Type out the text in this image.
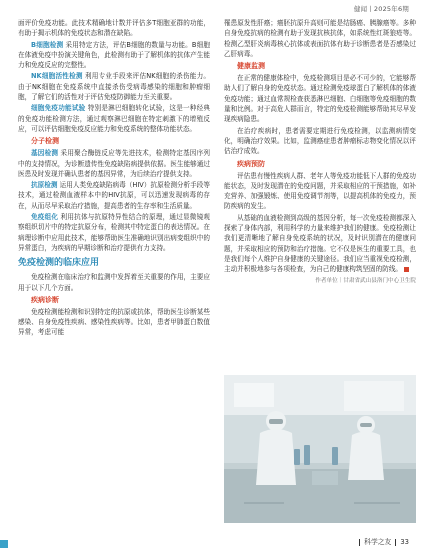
健闻丨2025年6期

面评价免疫功能。此技术精确地计数并评估多T细胞亚群的功能，有助于揭示机体的免疫状态和潜在缺陷。

B细胞检测 采用特定方法，评估B细胞的数量与功能。B细胞在体液免疫中扮演关键角色，此检测有助于了解机体的抗体产生能力和免疫反应的完整性。

NK细胞活性检测 利用专业手段来评估NK细胞的杀伤能力。由于NK细胞在免疫系统中直接杀伤受病毒感染的细胞和肿瘤细胞，了解它们的活性对于评估免疫防御能力至关重要。

细胞免疫功能试验 特别是淋巴细胞转化试验，这是一种经典的免疫功能检测方法，通过观察淋巴细胞在特定刺激下的增殖反应，可以评估细胞免疫反应能力和免疫系统的整体功能状态。

分子检测

基因检测 采用聚合酶链反应等先进技术，检测特定基因序列中的支持情况，为诊断遗传性免疫缺陷病提供依据。医生能够通过医患及时发现并确认患者的基因异常，为后续治疗提供支持。

抗原检测 运用人类免疫缺陷病毒（HIV）抗原检测分析手段等技术，通过检测血液样本中的HIV抗原，可以迅速发现病毒的存在，从而尽早采取治疗措施，提高患者的生存率和生活质量。

免疫组化 利用抗体与抗原特异性结合的原理，通过显微镜观察组织切片中的特定抗原分布，检测其中特定蛋白的表达情况。在病理诊断中应用此技术，能够帮助医生准确地识别出病变组织中的异常蛋白，为疾病的早期诊断和治疗提供有力支持。

免疫检测的临床应用

免疫检测在临床治疗和监测中发挥着至关重要的作用，主要应用于以下几个方面。

疾病诊断

免疫检测能检测和识别特定的抗原或抗体，帮助医生诊断某些感染、自身免疫性疾病、感染性疾病等。比如，患者甲肺蛋白数值异常，考虑可能

罹患原发性肝癌；癌胚抗原升高则可能是结肠癌、胰腺癌等。多种自身免疫抗病的检测有助于发现抗核抗体，如系统性红斑狼疮等。检测乙型肝炎病毒核心抗体或表面抗体有助于诊断患者是否感染过乙肝病毒。

健康监测

在正常的健康体检中，免疫检测项目是必不可少的，它能够帮助人们了解自身的免疫状态。通过检测免疫球蛋白了解机体的体液免疫功能；通过血常规检查获悉淋巴细胞、白细胞等免疫细胞的数量和比例。对于高危人群而言，特定的免疫检测能够帮助其尽早发现疾病隐患。

在治疗疾病时，患者需要定期进行免疫检测，以监测病情变化，明确治疗效果。比如，监测癌症患者肿瘤标志物变化情况以评估治疗成效。

疾病预防

评估患有慢性疾病人群、老年人等免疫功能低下人群的免疫功能状态，及时发现潜在的免疫问题，并采取相应的干预措施，如补充营养、加强锻炼、使用免疫调节剂等，以提高机体的免疫力，预防疾病的发生。

从基础的血液检测到高级的基因分析，每一次免疫检测都深入探索了身体内部，利用科学的力量来维护我们的健康。免疫检测让我们更清晰地了解自身免疫系统的状况，及时识别潜在的健康问题，并采取相应的预防和治疗措施。它不仅是医生的重要工具，也是我们每个人维护自身健康的关键途径。我们应当重视免疫检测，主动并积极地参与各项检查，为自己的健康构筑坚固的防线。

作者单位｜甘肃省武山县洛门中心卫生院
科学之友 33
